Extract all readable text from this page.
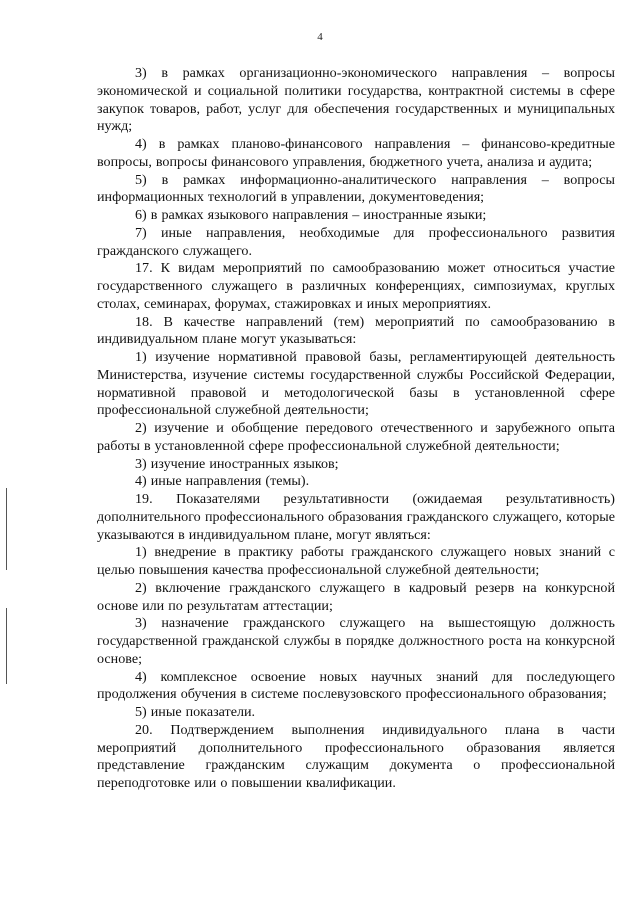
4

3) в рамках организационно-экономического направления – вопросы экономической и социальной политики государства, контрактной системы в сфере закупок товаров, работ, услуг для обеспечения государственных и муниципальных нужд;

4) в рамках планово-финансового направления – финансово-кредитные вопросы, вопросы финансового управления, бюджетного учета, анализа и аудита;

5) в рамках информационно-аналитического направления – вопросы информационных технологий в управлении, документоведения;

6) в рамках языкового направления – иностранные языки;

7) иные направления, необходимые для профессионального развития гражданского служащего.

17. К видам мероприятий по самообразованию может относиться участие государственного служащего в различных конференциях, симпозиумах, круглых столах, семинарах, форумах, стажировках и иных мероприятиях.

18. В качестве направлений (тем) мероприятий по самообразованию в индивидуальном плане могут указываться:

1) изучение нормативной правовой базы, регламентирующей деятельность Министерства, изучение системы государственной службы Российской Федерации, нормативной правовой и методологической базы в установленной сфере профессиональной служебной деятельности;

2) изучение и обобщение передового отечественного и зарубежного опыта работы в установленной сфере профессиональной служебной деятельности;

3) изучение иностранных языков;

4) иные направления (темы).

19. Показателями результативности (ожидаемая результативность) дополнительного профессионального образования гражданского служащего, которые указываются в индивидуальном плане, могут являться:

1) внедрение в практику работы гражданского служащего новых знаний с целью повышения качества профессиональной служебной деятельности;

2) включение гражданского служащего в кадровый резерв на конкурсной основе или по результатам аттестации;

3) назначение гражданского служащего на вышестоящую должность государственной гражданской службы в порядке должностного роста на конкурсной основе;

4) комплексное освоение новых научных знаний для последующего продолжения обучения в системе послевузовского профессионального образования;

5) иные показатели.

20. Подтверждением выполнения индивидуального плана в части мероприятий дополнительного профессионального образования является представление гражданским служащим документа о профессиональной переподготовке или о повышении квалификации.
